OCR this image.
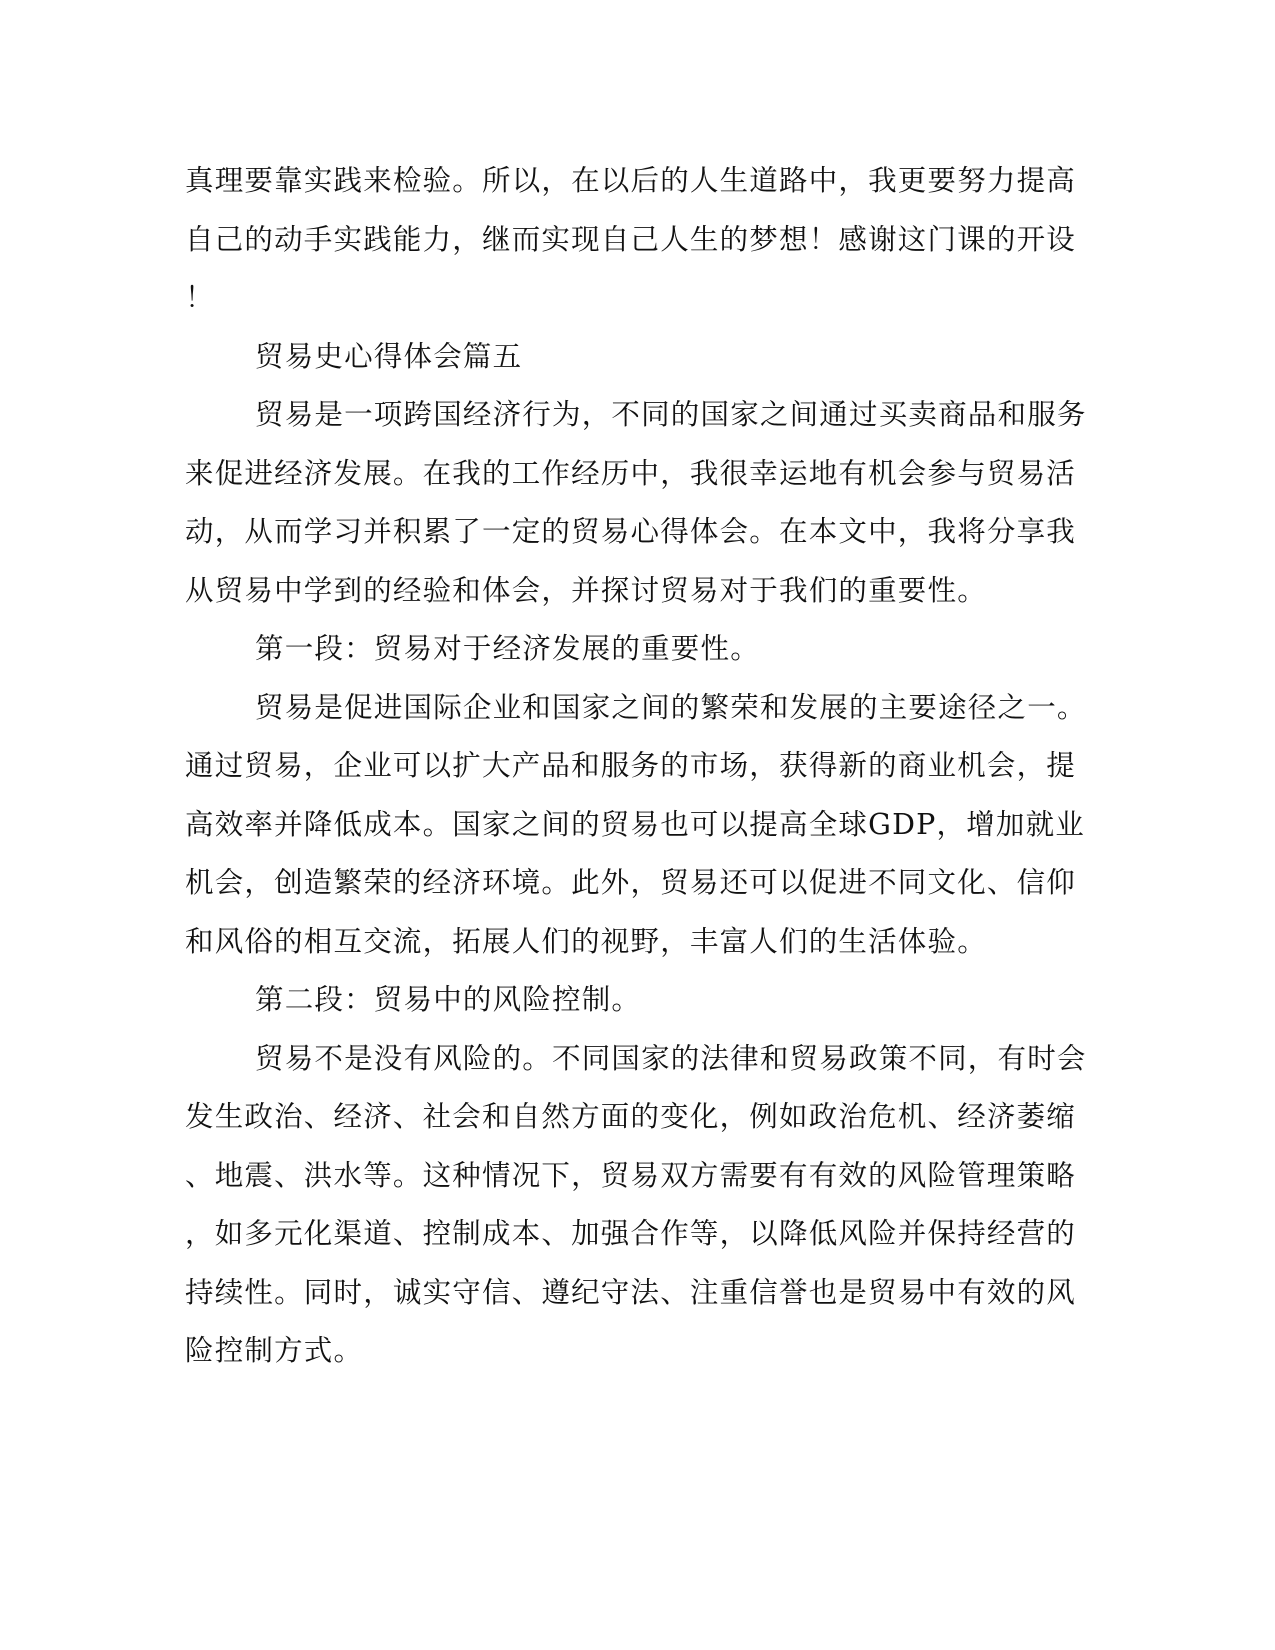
真理要靠实践来检验。所以，在以后的人生道路中，我更要努力提高
自己的动手实践能力，继而实现自己人生的梦想！感谢这门课的开设
！
贸易史心得体会篇五
贸易是一项跨国经济行为，不同的国家之间通过买卖商品和服务
来促进经济发展。在我的工作经历中，我很幸运地有机会参与贸易活
动，从而学习并积累了一定的贸易心得体会。在本文中，我将分享我
从贸易中学到的经验和体会，并探讨贸易对于我们的重要性。
第一段：贸易对于经济发展的重要性。
贸易是促进国际企业和国家之间的繁荣和发展的主要途径之一。
通过贸易，企业可以扩大产品和服务的市场，获得新的商业机会，提
高效率并降低成本。国家之间的贸易也可以提高全球GDP，增加就业
机会，创造繁荣的经济环境。此外，贸易还可以促进不同文化、信仰
和风俗的相互交流，拓展人们的视野，丰富人们的生活体验。
第二段：贸易中的风险控制。
贸易不是没有风险的。不同国家的法律和贸易政策不同，有时会
发生政治、经济、社会和自然方面的变化，例如政治危机、经济萎缩
、地震、洪水等。这种情况下，贸易双方需要有有效的风险管理策略
，如多元化渠道、控制成本、加强合作等，以降低风险并保持经营的
持续性。同时，诚实守信、遵纪守法、注重信誉也是贸易中有效的风
险控制方式。
